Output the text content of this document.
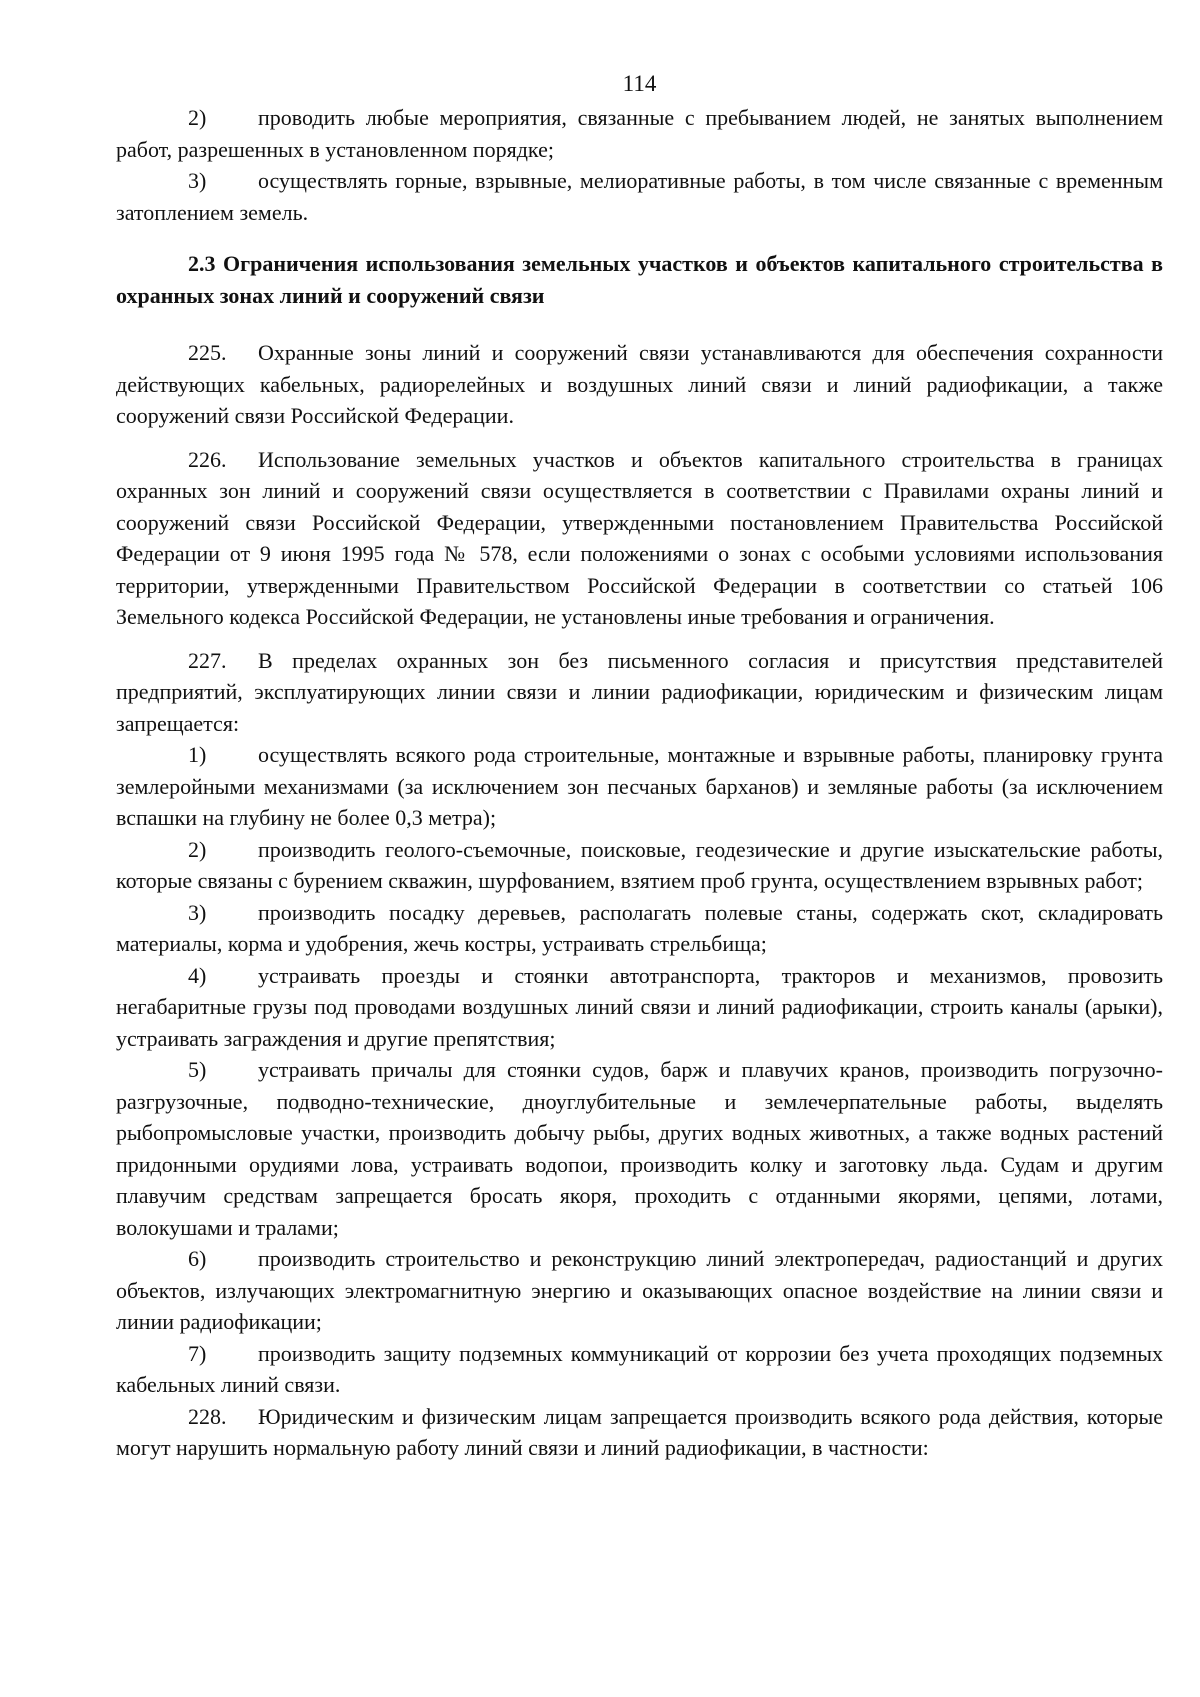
114

2) проводить любые мероприятия, связанные с пребыванием людей, не занятых выполнением работ, разрешенных в установленном порядке;

3) осуществлять горные, взрывные, мелиоративные работы, в том числе связанные с временным затоплением земель.

2.3 Ограничения использования земельных участков и объектов капитального строительства в охранных зонах линий и сооружений связи

225. Охранные зоны линий и сооружений связи устанавливаются для обеспечения сохранности действующих кабельных, радиорелейных и воздушных линий связи и линий радиофикации, а также сооружений связи Российской Федерации.

226. Использование земельных участков и объектов капитального строительства в границах охранных зон линий и сооружений связи осуществляется в соответствии с Правилами охраны линий и сооружений связи Российской Федерации, утвержденными постановлением Правительства Российской Федерации от 9 июня 1995 года № 578, если положениями о зонах с особыми условиями использования территории, утвержденными Правительством Российской Федерации в соответствии со статьей 106 Земельного кодекса Российской Федерации, не установлены иные требования и ограничения.

227. В пределах охранных зон без письменного согласия и присутствия представителей предприятий, эксплуатирующих линии связи и линии радиофикации, юридическим и физическим лицам запрещается:

1) осуществлять всякого рода строительные, монтажные и взрывные работы, планировку грунта землеройными механизмами (за исключением зон песчаных барханов) и земляные работы (за исключением вспашки на глубину не более 0,3 метра);

2) производить геолого-съемочные, поисковые, геодезические и другие изыскательские работы, которые связаны с бурением скважин, шурфованием, взятием проб грунта, осуществлением взрывных работ;

3) производить посадку деревьев, располагать полевые станы, содержать скот, складировать материалы, корма и удобрения, жечь костры, устраивать стрельбища;

4) устраивать проезды и стоянки автотранспорта, тракторов и механизмов, провозить негабаритные грузы под проводами воздушных линий связи и линий радиофикации, строить каналы (арыки), устраивать заграждения и другие препятствия;

5) устраивать причалы для стоянки судов, барж и плавучих кранов, производить погрузочно-разгрузочные, подводно-технические, дноуглубительные и землечерпательные работы, выделять рыбопромысловые участки, производить добычу рыбы, других водных животных, а также водных растений придонными орудиями лова, устраивать водопои, производить колку и заготовку льда. Судам и другим плавучим средствам запрещается бросать якоря, проходить с отданными якорями, цепями, лотами, волокушами и тралами;

6) производить строительство и реконструкцию линий электропередач, радиостанций и других объектов, излучающих электромагнитную энергию и оказывающих опасное воздействие на линии связи и линии радиофикации;

7) производить защиту подземных коммуникаций от коррозии без учета проходящих подземных кабельных линий связи.

228. Юридическим и физическим лицам запрещается производить всякого рода действия, которые могут нарушить нормальную работу линий связи и линий радиофикации, в частности:
